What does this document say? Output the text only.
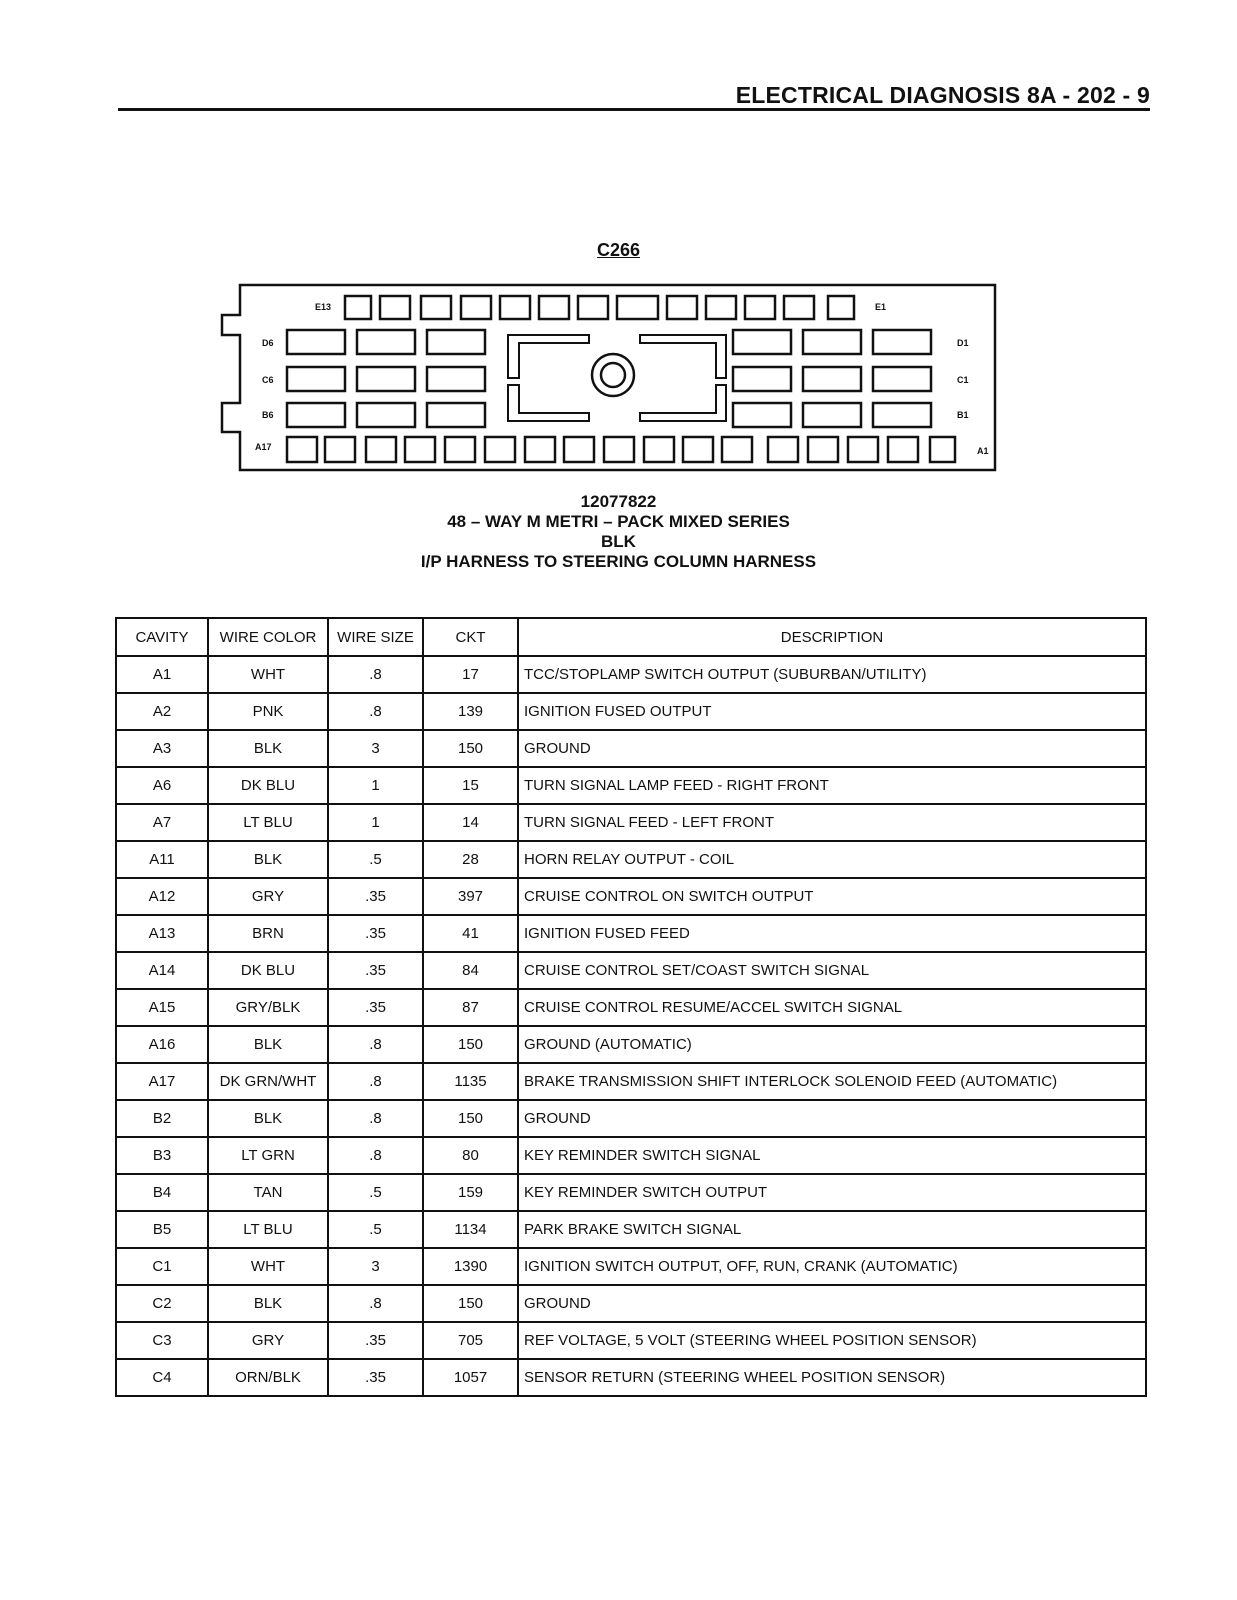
ELECTRICAL DIAGNOSIS 8A - 202 - 9
C266
E13	E1
D6	D1
C6	C1
B6	B1
A17	A1
12077822
48 – WAY M METRI – PACK MIXED SERIES
BLK
I/P HARNESS TO STEERING COLUMN HARNESS
CAVITY	WIRE COLOR	WIRE SIZE	CKT	DESCRIPTION
A1	WHT	.8	17	TCC/STOPLAMP SWITCH OUTPUT (SUBURBAN/UTILITY)
A2	PNK	.8	139	IGNITION FUSED OUTPUT
A3	BLK	3	150	GROUND
A6	DK BLU	1	15	TURN SIGNAL LAMP FEED - RIGHT FRONT
A7	LT BLU	1	14	TURN SIGNAL FEED - LEFT FRONT
A11	BLK	.5	28	HORN RELAY OUTPUT - COIL
A12	GRY	.35	397	CRUISE CONTROL ON SWITCH OUTPUT
A13	BRN	.35	41	IGNITION FUSED FEED
A14	DK BLU	.35	84	CRUISE CONTROL SET/COAST SWITCH SIGNAL
A15	GRY/BLK	.35	87	CRUISE CONTROL RESUME/ACCEL SWITCH SIGNAL
A16	BLK	.8	150	GROUND (AUTOMATIC)
A17	DK GRN/WHT	.8	1135	BRAKE TRANSMISSION SHIFT INTERLOCK SOLENOID FEED (AUTOMATIC)
B2	BLK	.8	150	GROUND
B3	LT GRN	.8	80	KEY REMINDER SWITCH SIGNAL
B4	TAN	.5	159	KEY REMINDER SWITCH OUTPUT
B5	LT BLU	.5	1134	PARK BRAKE SWITCH SIGNAL
C1	WHT	3	1390	IGNITION SWITCH OUTPUT, OFF, RUN, CRANK (AUTOMATIC)
C2	BLK	.8	150	GROUND
C3	GRY	.35	705	REF VOLTAGE, 5 VOLT (STEERING WHEEL POSITION SENSOR)
C4	ORN/BLK	.35	1057	SENSOR RETURN (STEERING WHEEL POSITION SENSOR)
